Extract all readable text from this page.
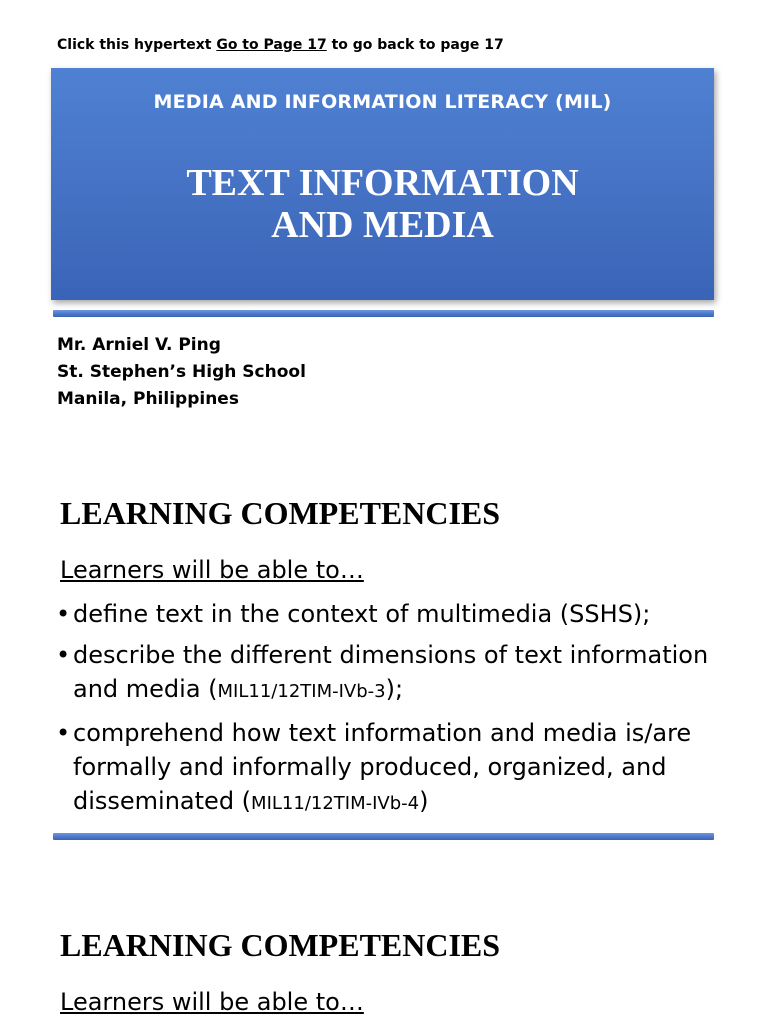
Click this hypertext Go to Page 17 to go back to page 17
MEDIA AND INFORMATION LITERACY (MIL)
TEXT INFORMATION
AND MEDIA
Mr. Arniel V. Ping
St. Stephen’s High School
Manila, Philippines
LEARNING COMPETENCIES
Learners will be able to…
• define text in the context of multimedia (SSHS);
• describe the different dimensions of text information and media (MIL11/12TIM-IVb-3);
• comprehend how text information and media is/are formally and informally produced, organized, and disseminated (MIL11/12TIM-IVb-4)
LEARNING COMPETENCIES
Learners will be able to…
